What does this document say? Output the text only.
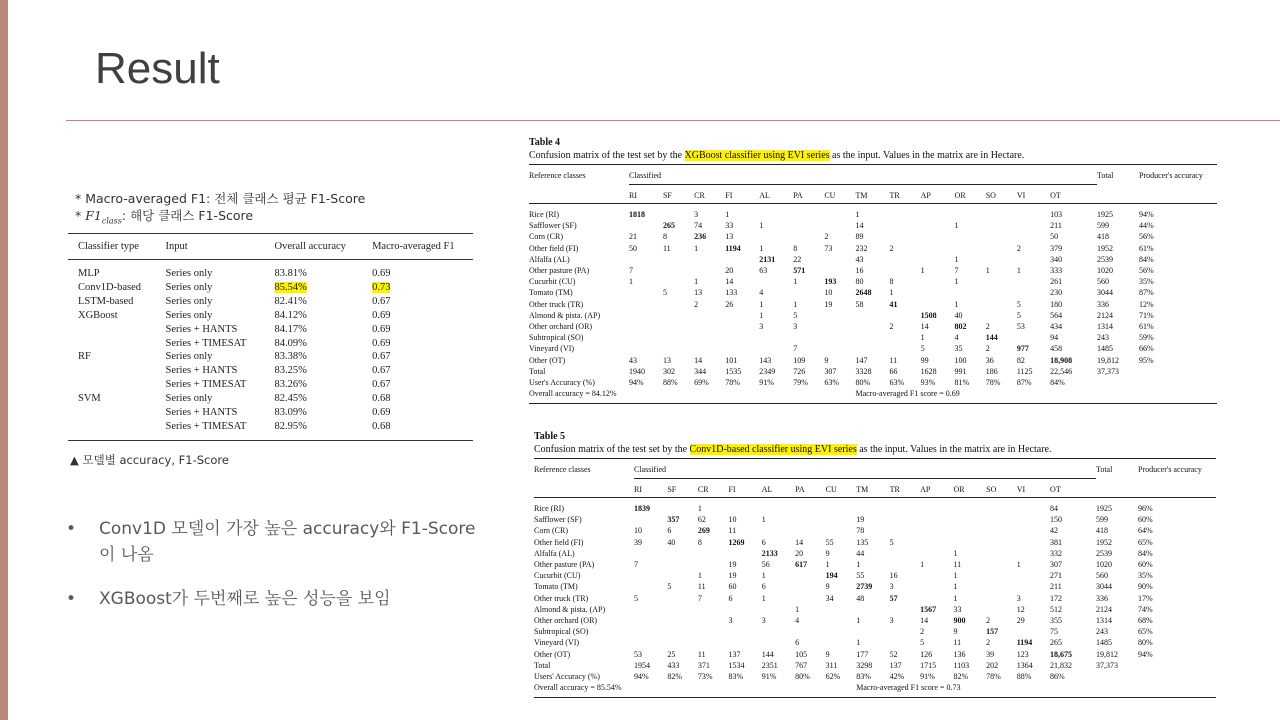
Result
* Macro-averaged F1: 전체 클래스 평균 F1-Score
* $F1_{class}$: 해당 클래스 F1-Score
Classifier type	Input	Overall accuracy	Macro-averaged F1
MLP	Series only	83.81%	0.69
Conv1D-based	Series only	85.54%	0.73
LSTM-based	Series only	82.41%	0.67
XGBoost	Series only	84.12%	0.69
	Series + HANTS	84.17%	0.69
	Series + TIMESAT	84.09%	0.69
RF	Series only	83.38%	0.67
	Series + HANTS	83.25%	0.67
	Series + TIMESAT	83.26%	0.67
SVM	Series only	82.45%	0.68
	Series + HANTS	83.09%	0.69
	Series + TIMESAT	82.95%	0.68
▲ 모델별 accuracy, F1-Score
• Conv1D 모델이 가장 높은 accuracy와 F1-Score이 나옴
• XGBoost가 두번째로 높은 성능을 보임
Table 4
Confusion matrix of the test set by the XGBoost classifier using EVI series as the input. Values in the matrix are in Hectare.
Reference classes	Classified														Total	Producer's accuracy
	RI	SF	CR	FI	AL	PA	CU	TM	TR	AP	OR	SO	VI	OT		
Rice (RI)	1818		3	1				1						103	1925	94%
Safflower (SF)		265	74	33	1			14			1			211	599	44%
Corn (CR)	21	8	236	13			2	89						50	418	56%
Other field (FI)	50	11	1	1194	1	8	73	232	2				2	379	1952	61%
Alfalfa (AL)					2131	22		43			1			340	2539	84%
Other pasture (PA)	7			20	63	571		16		1	7	1	1	333	1020	56%
Cucurbit (CU)	1		1	14		1	193	80	8		1			261	560	35%
Tomato (TM)		5	13	133	4		10	2648	1					230	3044	87%
Other truck (TR)			2	26	1	1	19	58	41		1		5	180	336	12%
Almond & pista. (AP)					1	5				1508	40		5	564	2124	71%
Other orchard (OR)					3	3			2	14	802	2	53	434	1314	61%
Subtropical (SO)										1	4	144		94	243	59%
Vineyard (VI)						7				5	35	2	977	458	1485	66%
Other (OT)	43	13	14	101	143	109	9	147	11	99	100	36	82	18,908	19,812	95%
Total	1940	302	344	1535	2349	726	307	3328	66	1628	991	186	1125	22,546	37,373	
User's Accuracy (%)	94%	88%	69%	78%	91%	79%	63%	80%	63%	93%	81%	78%	87%	84%		
Overall accuracy = 84.12%								Macro-averaged F1 score = 0.69								
Table 5
Confusion matrix of the test set by the Conv1D-based classifier using EVI series as the input. Values in the matrix are in Hectare.
Reference classes	Classified														Total	Producer's accuracy
	RI	SF	CR	FI	AL	PA	CU	TM	TR	AP	OR	SO	VI	OT		
Rice (RI)	1839		1											84	1925	96%
Safflower (SF)		357	62	10	1			19						150	599	60%
Corn (CR)	10	6	269	11				78						42	418	64%
Other field (FI)	39	40	8	1269	6	14	55	135	5					381	1952	65%
Alfalfa (AL)					2133	20	9	44			1			332	2539	84%
Other pasture (PA)	7			19	56	617	1	1		1	11		1	307	1020	60%
Cucurbit (CU)			1	19	1		194	55	16		1			271	560	35%
Tomato (TM)		5	11	60	6		9	2739	3		1			211	3044	90%
Other truck (TR)	5		7	6	1		34	48	57		1		3	172	336	17%
Almond & pista. (AP)						1				1567	33		12	512	2124	74%
Other orchard (OR)				3	3	4		1	3	14	900	2	29	355	1314	68%
Subtropical (SO)										2	9	157		75	243	65%
Vineyard (VI)						6		1		5	11	2	1194	265	1485	80%
Other (OT)	53	25	11	137	144	105	9	177	52	126	136	39	123	18,675	19,812	94%
Total	1954	433	371	1534	2351	767	311	3298	137	1715	1103	202	1364	21,832	37,373	
Users' Accuracy (%)	94%	82%	73%	83%	91%	80%	62%	83%	42%	91%	82%	78%	88%	86%		
Overall accuracy = 85.54%								Macro-averaged F1 score = 0.73								
